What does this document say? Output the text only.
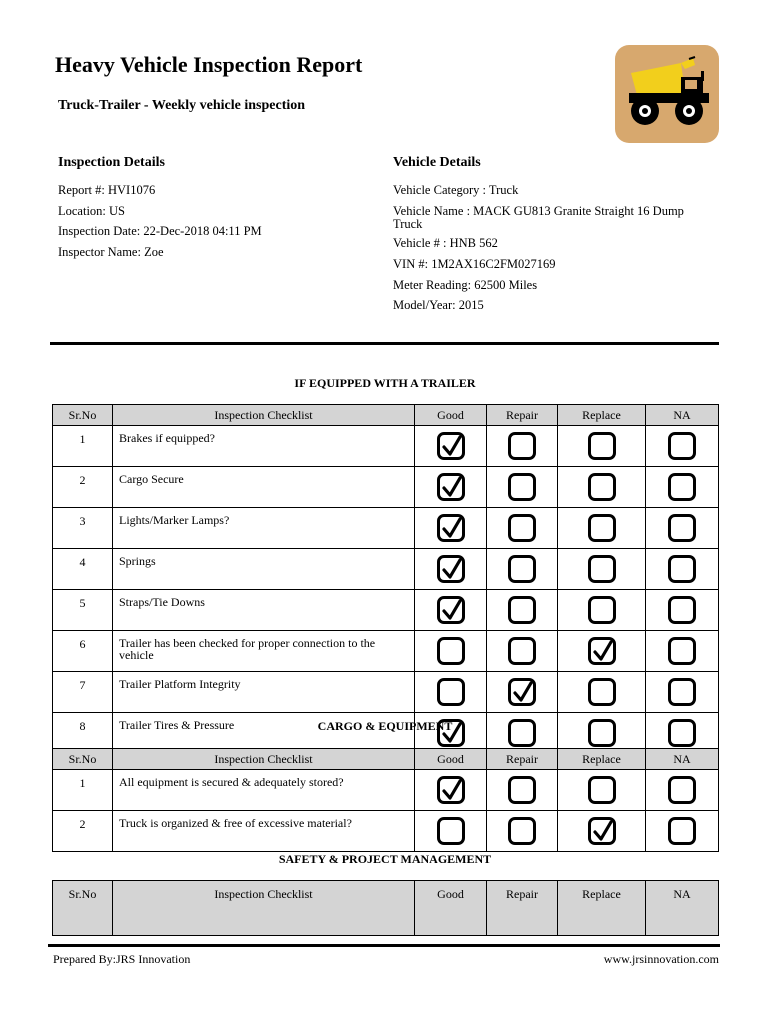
Heavy Vehicle Inspection Report
Truck-Trailer - Weekly vehicle inspection
Inspection Details
Report #: HVI1076
Location: US
Inspection Date: 22-Dec-2018 04:11 PM
Inspector Name: Zoe
Vehicle Details
Vehicle Category : Truck
Vehicle Name : MACK GU813 Granite Straight 16 Dump Truck
Vehicle # : HNB 562
VIN #: 1M2AX16C2FM027169
Meter Reading: 62500 Miles
Model/Year: 2015
IF EQUIPPED WITH A TRAILER
Sr.No	Inspection Checklist	Good	Repair	Replace	NA
1	Brakes if equipped?	

2	Cargo Secure	

3	Lights/Marker Lamps?	

4	Springs	

5	Straps/Tie Downs	

6	Trailer has been checked for proper connection to the vehicle			

7	Trailer Platform Integrity		

8	Trailer Tires & Pressure	
				CARGO & EQUIPMENT
Sr.No	Inspection Checklist	Good	Repair	Replace	NA
1	All equipment is secured & adequately stored?	

2	Truck is organized & free of excessive material?			

SAFETY & PROJECT MANAGEMENT
Sr.No	Inspection Checklist	Good	Repair	Replace	NA
Prepared By:JRS Innovation	www.jrsinnovation.com
